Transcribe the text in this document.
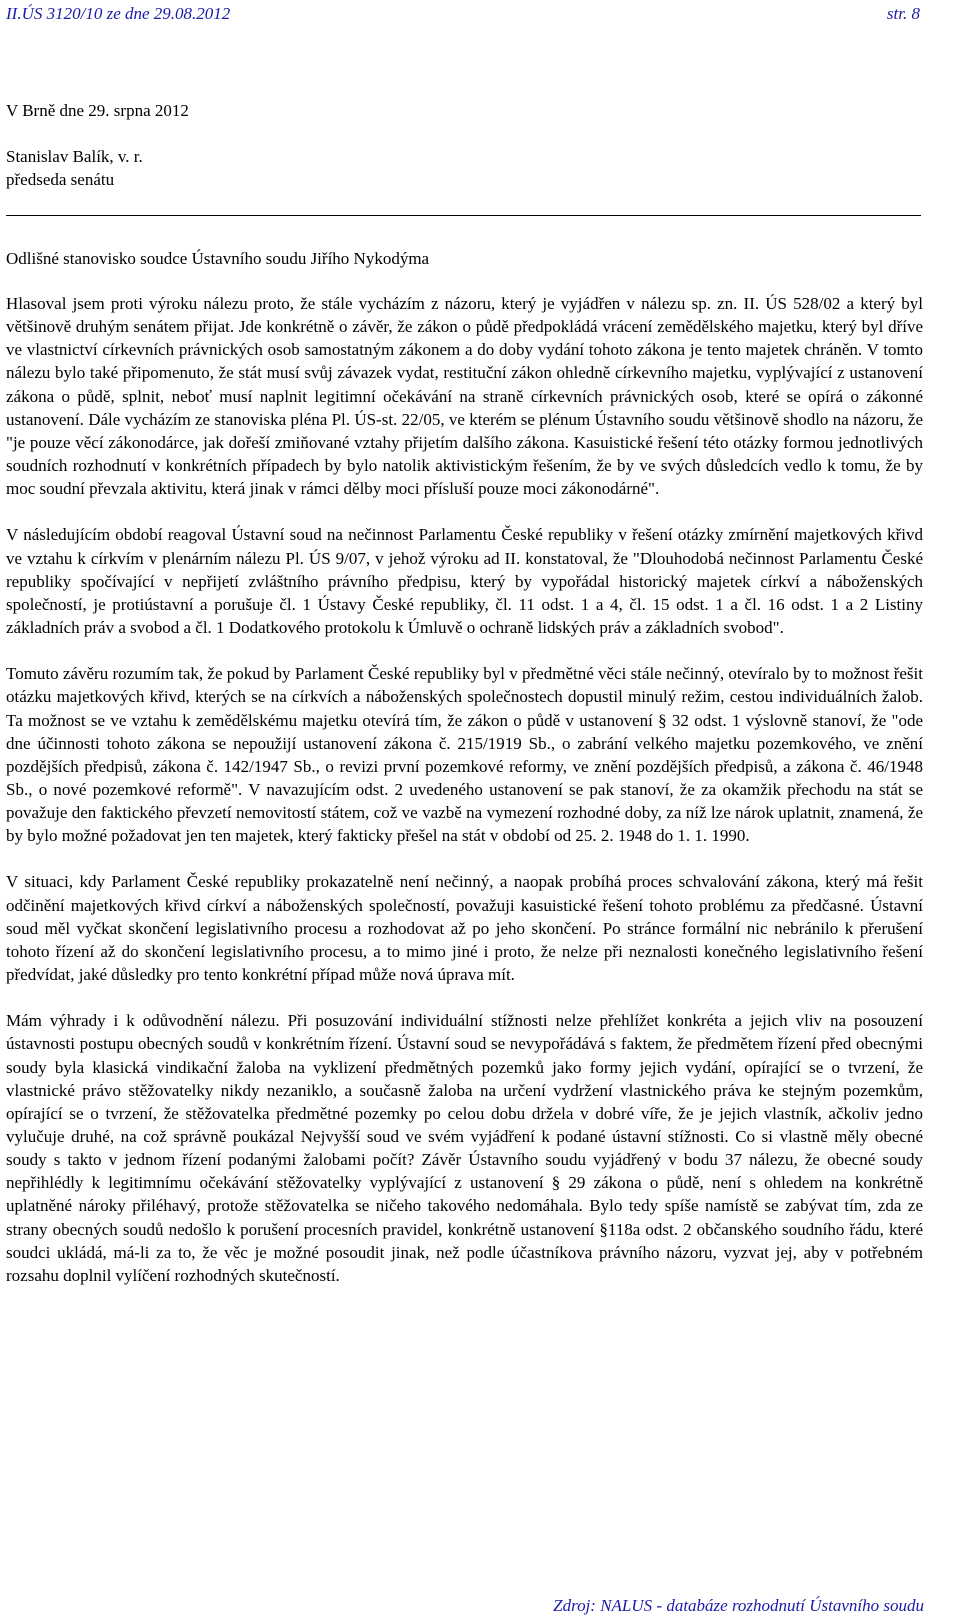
II.ÚS 3120/10 ze dne 29.08.2012	str. 8
V Brně dne 29. srpna 2012
Stanislav Balík, v. r.
předseda senátu
Odlišné stanovisko soudce Ústavního soudu Jiřího Nykodýma

Hlasoval jsem proti výroku nálezu proto, že stále vycházím z názoru, který je vyjádřen v nálezu sp. zn. II. ÚS 528/02 a který byl většinově druhým senátem přijat. Jde konkrétně o závěr, že zákon o půdě předpokládá vrácení zemědělského majetku, který byl dříve ve vlastnictví církevních právnických osob samostatným zákonem a do doby vydání tohoto zákona je tento majetek chráněn. V tomto nálezu bylo také připomenuto, že stát musí svůj závazek vydat, restituční zákon ohledně církevního majetku, vyplývající z ustanovení zákona o půdě, splnit, neboť musí naplnit legitimní očekávání na straně církevních právnických osob, které se opírá o zákonné ustanovení. Dále vycházím ze stanoviska pléna Pl. ÚS-st. 22/05, ve kterém se plénum Ústavního soudu většinově shodlo na názoru, že "je pouze věcí zákonodárce, jak dořeší zmiňované vztahy přijetím dalšího zákona. Kasuistické řešení této otázky formou jednotlivých soudních rozhodnutí v konkrétních případech by bylo natolik aktivistickým řešením, že by ve svých důsledcích vedlo k tomu, že by moc soudní převzala aktivitu, která jinak v rámci dělby moci přísluší pouze moci zákonodárné".

V následujícím období reagoval Ústavní soud na nečinnost Parlamentu České republiky v řešení otázky zmírnění majetkových křivd ve vztahu k církvím v plenárním nálezu Pl. ÚS 9/07, v jehož výroku ad II. konstatoval, že "Dlouhodobá nečinnost Parlamentu České republiky spočívající v nepřijetí zvláštního právního předpisu, který by vypořádal historický majetek církví a náboženských společností, je protiústavní a porušuje čl. 1 Ústavy České republiky, čl. 11 odst. 1 a 4, čl. 15 odst. 1 a čl. 16 odst. 1 a 2 Listiny základních práv a svobod a čl. 1 Dodatkového protokolu k Úmluvě o ochraně lidských práv a základních svobod".

Tomuto závěru rozumím tak, že pokud by Parlament České republiky byl v předmětné věci stále nečinný, otevíralo by to možnost řešit otázku majetkových křivd, kterých se na církvích a náboženských společnostech dopustil minulý režim, cestou individuálních žalob. Ta možnost se ve vztahu k zemědělskému majetku otevírá tím, že zákon o půdě v ustanovení § 32 odst. 1 výslovně stanoví, že "ode dne účinnosti tohoto zákona se nepoužijí ustanovení zákona č. 215/1919 Sb., o zabrání velkého majetku pozemkového, ve znění pozdějších předpisů, zákona č. 142/1947 Sb., o revizi první pozemkové reformy, ve znění pozdějších předpisů, a zákona č. 46/1948 Sb., o nové pozemkové reformě". V navazujícím odst. 2 uvedeného ustanovení se pak stanoví, že za okamžik přechodu na stát se považuje den faktického převzetí nemovitostí státem, což ve vazbě na vymezení rozhodné doby, za níž lze nárok uplatnit, znamená, že by bylo možné požadovat jen ten majetek, který fakticky přešel na stát v období od 25. 2. 1948 do 1. 1. 1990.

V situaci, kdy Parlament České republiky prokazatelně není nečinný, a naopak probíhá proces schvalování zákona, který má řešit odčinění majetkových křivd církví a náboženských společností, považuji kasuistické řešení tohoto problému za předčasné. Ústavní soud měl vyčkat skončení legislativního procesu a rozhodovat až po jeho skončení. Po stránce formální nic nebránilo k přerušení tohoto řízení až do skončení legislativního procesu, a to mimo jiné i proto, že nelze při neznalosti konečného legislativního řešení předvídat, jaké důsledky pro tento konkrétní případ může nová úprava mít.

Mám výhrady i k odůvodnění nálezu. Při posuzování individuální stížnosti nelze přehlížet konkréta a jejich vliv na posouzení ústavnosti postupu obecných soudů v konkrétním řízení. Ústavní soud se nevypořádává s faktem, že předmětem řízení před obecnými soudy byla klasická vindikační žaloba na vyklizení předmětných pozemků jako formy jejich vydání, opírající se o tvrzení, že vlastnické právo stěžovatelky nikdy nezaniklo, a současně žaloba na určení vydržení vlastnického práva ke stejným pozemkům, opírající se o tvrzení, že stěžovatelka předmětné pozemky po celou dobu držela v dobré víře, že je jejich vlastník, ačkoliv jedno vylučuje druhé, na což správně poukázal Nejvyšší soud ve svém vyjádření k podané ústavní stížnosti. Co si vlastně měly obecné soudy s takto v jednom řízení podanými žalobami počít? Závěr Ústavního soudu vyjádřený v bodu 37 nálezu, že obecné soudy nepřihlédly k legitimnímu očekávání stěžovatelky vyplývající z ustanovení § 29 zákona o půdě, není s ohledem na konkrétně uplatněné nároky přiléhavý, protože stěžovatelka se ničeho takového nedomáhala. Bylo tedy spíše namístě se zabývat tím, zda ze strany obecných soudů nedošlo k porušení procesních pravidel, konkrétně ustanovení §118a odst. 2 občanského soudního řádu, které soudci ukládá, má-li za to, že věc je možné posoudit jinak, než podle účastníkova právního názoru, vyzvat jej, aby v potřebném rozsahu doplnil vylíčení rozhodných skutečností.

Zdroj: NALUS - databáze rozhodnutí Ústavního soudu
